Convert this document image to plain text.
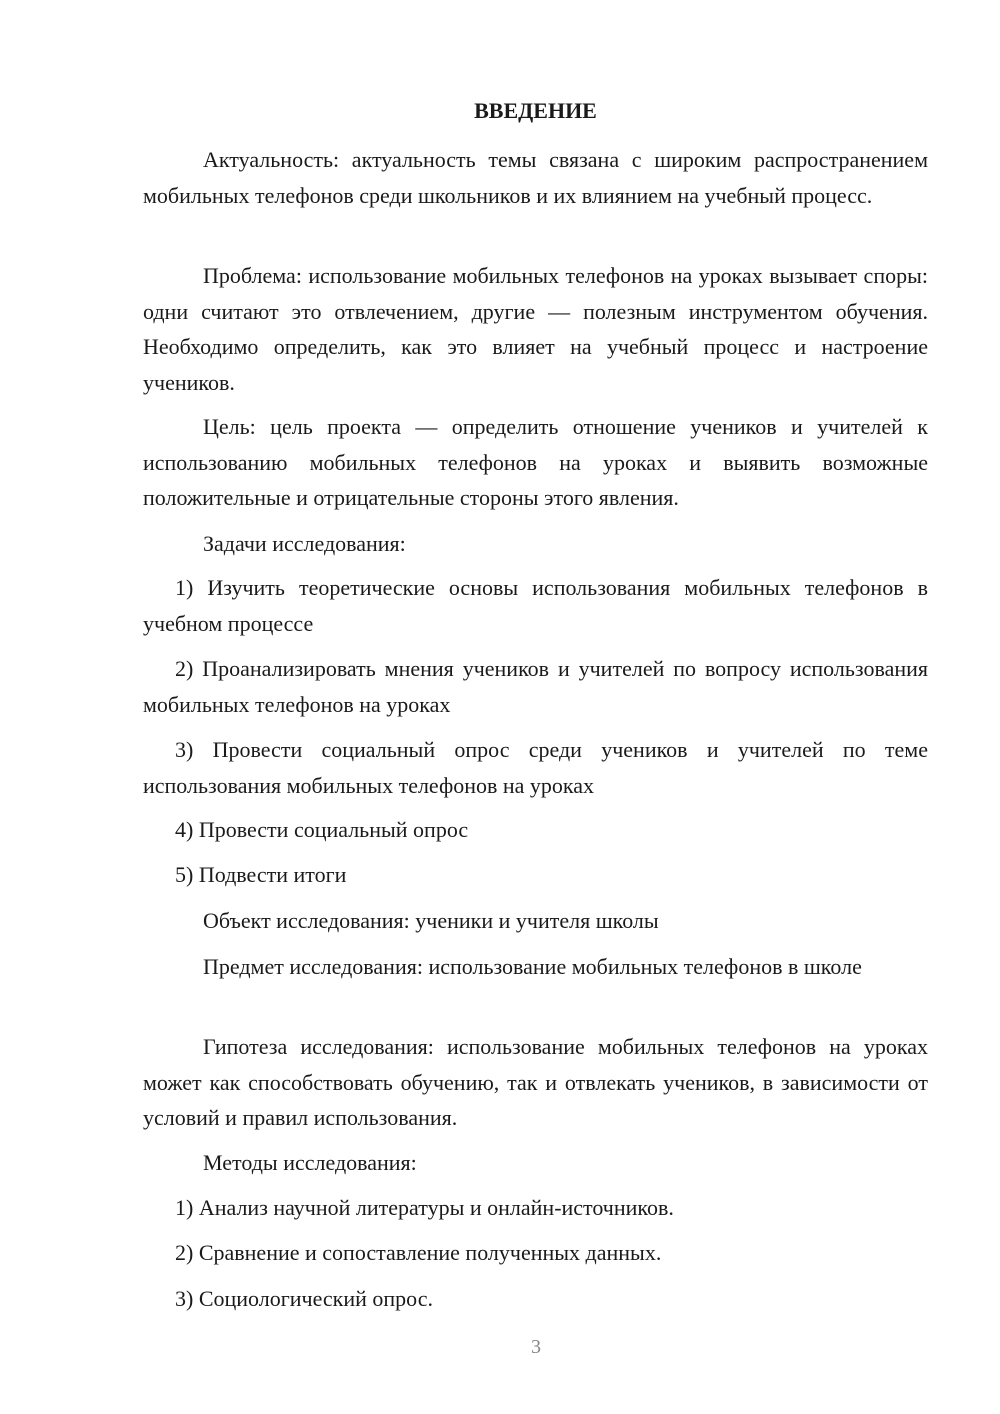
ВВЕДЕНИЕ

Актуальность: актуальность темы связана с широким распространением мобильных телефонов среди школьников и их влиянием на учебный процесс.

Проблема: использование мобильных телефонов на уроках вызывает споры: одни считают это отвлечением, другие — полезным инструментом обучения. Необходимо определить, как это влияет на учебный процесс и настроение учеников.

Цель: цель проекта — определить отношение учеников и учителей к использованию мобильных телефонов на уроках и выявить возможные положительные и отрицательные стороны этого явления.

Задачи исследования:

1) Изучить теоретические основы использования мобильных телефонов в учебном процессе

2) Проанализировать мнения учеников и учителей по вопросу использования мобильных телефонов на уроках

3) Провести социальный опрос среди учеников и учителей по теме использования мобильных телефонов на уроках

4) Провести социальный опрос

5) Подвести итоги

Объект исследования: ученики и учителя школы

Предмет исследования: использование мобильных телефонов в школе

Гипотеза исследования: использование мобильных телефонов на уроках может как способствовать обучению, так и отвлекать учеников, в зависимости от условий и правил использования.

Методы исследования:

1) Анализ научной литературы и онлайн-источников.

2) Сравнение и сопоставление полученных данных.

3) Социологический опрос.

3
